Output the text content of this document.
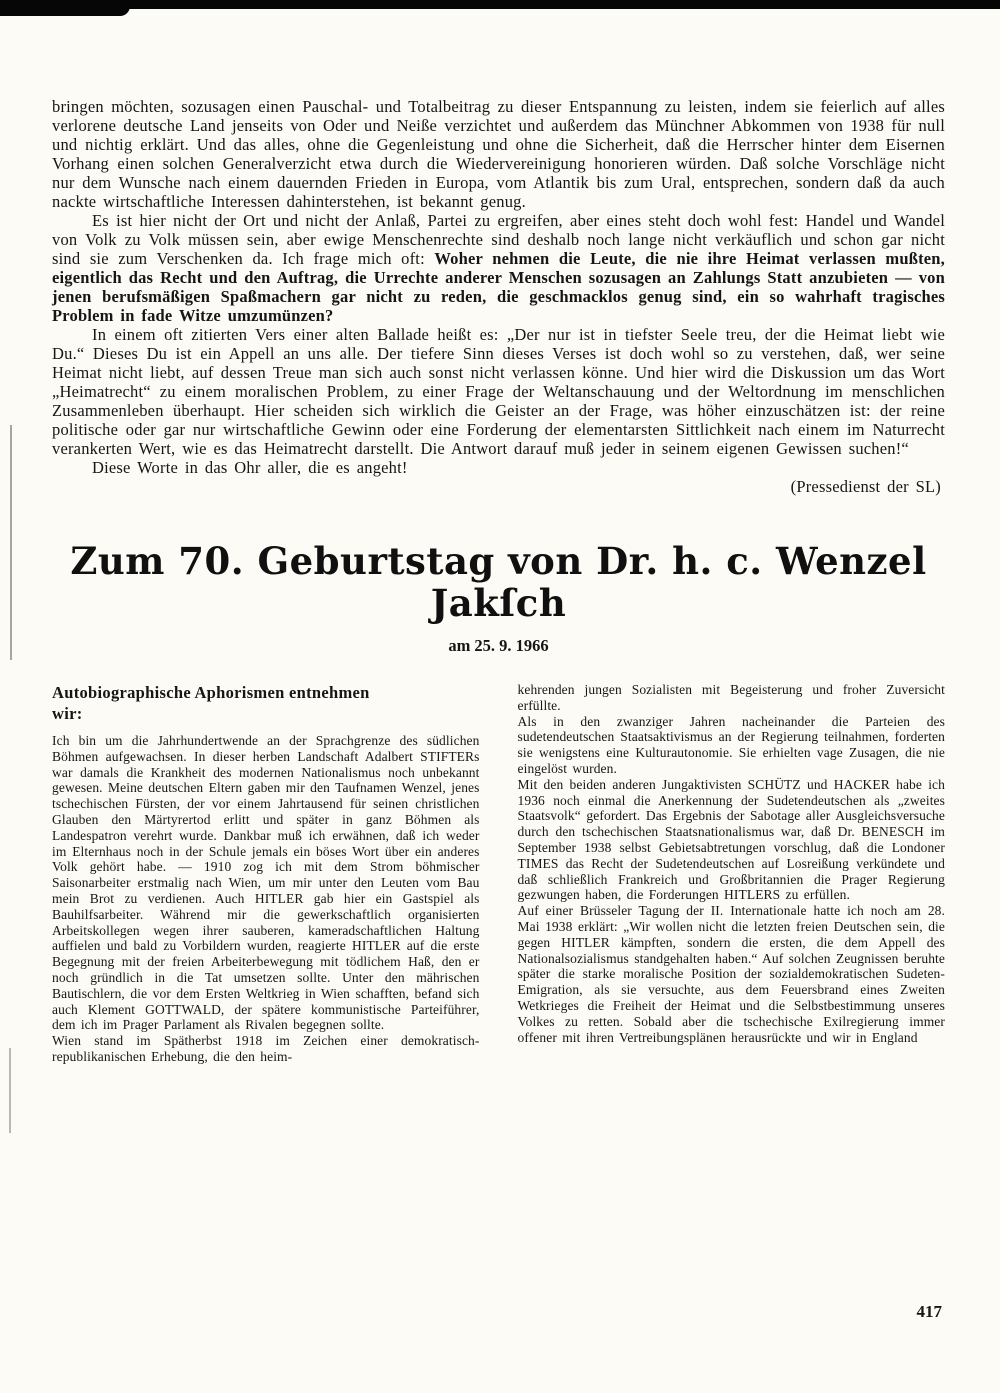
bringen möchten, sozusagen einen Pauschal- und Totalbeitrag zu dieser Entspannung zu leisten, indem sie feierlich auf alles verlorene deutsche Land jenseits von Oder und Neiße verzichtet und außerdem das Münchner Abkommen von 1938 für null und nichtig erklärt. Und das alles, ohne die Gegenleistung und ohne die Sicherheit, daß die Herrscher hinter dem Eisernen Vorhang einen solchen Generalverzicht etwa durch die Wiedervereinigung honorieren würden. Daß solche Vorschläge nicht nur dem Wunsche nach einem dauernden Frieden in Europa, vom Atlantik bis zum Ural, entsprechen, sondern daß da auch nackte wirtschaftliche Interessen dahinterstehen, ist bekannt genug.

Es ist hier nicht der Ort und nicht der Anlaß, Partei zu ergreifen, aber eines steht doch wohl fest: Handel und Wandel von Volk zu Volk müssen sein, aber ewige Menschenrechte sind deshalb noch lange nicht verkäuflich und schon gar nicht sind sie zum Verschenken da. Ich frage mich oft: Woher nehmen die Leute, die nie ihre Heimat verlassen mußten, eigentlich das Recht und den Auftrag, die Urrechte anderer Menschen sozusagen an Zahlungs Statt anzubieten — von jenen berufsmäßigen Spaßmachern gar nicht zu reden, die geschmacklos genug sind, ein so wahrhaft tragisches Problem in fade Witze umzumünzen?

In einem oft zitierten Vers einer alten Ballade heißt es: „Der nur ist in tiefster Seele treu, der die Heimat liebt wie Du.“ Dieses Du ist ein Appell an uns alle. Der tiefere Sinn dieses Verses ist doch wohl so zu verstehen, daß, wer seine Heimat nicht liebt, auf dessen Treue man sich auch sonst nicht verlassen könne. Und hier wird die Diskussion um das Wort „Heimatrecht“ zu einem moralischen Problem, zu einer Frage der Weltanschauung und der Weltordnung im menschlichen Zusammenleben überhaupt. Hier scheiden sich wirklich die Geister an der Frage, was höher einzuschätzen ist: der reine politische oder gar nur wirtschaftliche Gewinn oder eine Forderung der elementarsten Sittlichkeit nach einem im Naturrecht verankerten Wert, wie es das Heimatrecht darstellt. Die Antwort darauf muß jeder in seinem eigenen Gewissen suchen!“

Diese Worte in das Ohr aller, die es angeht!

(Pressedienst der SL)

Zum 70. Geburtstag von Dr. h. c. Wenzel Jakſch
am 25. 9. 1966
Autobiographische Aphorismen entnehmen wir:

Ich bin um die Jahrhundertwende an der Sprachgrenze des südlichen Böhmen aufgewachsen. In dieser herben Landschaft Adalbert STIFTERs war damals die Krankheit des modernen Nationalismus noch unbekannt gewesen. Meine deutschen Eltern gaben mir den Taufnamen Wenzel, jenes tschechischen Fürsten, der vor einem Jahrtausend für seinen christlichen Glauben den Märtyrertod erlitt und später in ganz Böhmen als Landespatron verehrt wurde. Dankbar muß ich erwähnen, daß ich weder im Elternhaus noch in der Schule jemals ein böses Wort über ein anderes Volk gehört habe. — 1910 zog ich mit dem Strom böhmischer Saisonarbeiter erstmalig nach Wien, um mir unter den Leuten vom Bau mein Brot zu verdienen. Auch HITLER gab hier ein Gastspiel als Bauhilfsarbeiter. Während mir die gewerkschaftlich organisierten Arbeitskollegen wegen ihrer sauberen, kameradschaftlichen Haltung auffielen und bald zu Vorbildern wurden, reagierte HITLER auf die erste Begegnung mit der freien Arbeiterbewegung mit tödlichem Haß, den er noch gründlich in die Tat umsetzen sollte. Unter den mährischen Bautischlern, die vor dem Ersten Weltkrieg in Wien schafften, befand sich auch Klement GOTTWALD, der spätere kommunistische Parteiführer, dem ich im Prager Parlament als Rivalen begegnen sollte.

Wien stand im Spätherbst 1918 im Zeichen einer demokratisch-republikanischen Erhebung, die den heim-

kehrenden jungen Sozialisten mit Begeisterung und froher Zuversicht erfüllte.

Als in den zwanziger Jahren nacheinander die Parteien des sudetendeutschen Staatsaktivismus an der Regierung teilnahmen, forderten sie wenigstens eine Kulturautonomie. Sie erhielten vage Zusagen, die nie eingelöst wurden.

Mit den beiden anderen Jungaktivisten SCHÜTZ und HACKER habe ich 1936 noch einmal die Anerkennung der Sudetendeutschen als „zweites Staatsvolk“ gefordert. Das Ergebnis der Sabotage aller Ausgleichsversuche durch den tschechischen Staatsnationalismus war, daß Dr. BENESCH im September 1938 selbst Gebietsabtretungen vorschlug, daß die Londoner TIMES das Recht der Sudetendeutschen auf Losreißung verkündete und daß schließlich Frankreich und Großbritannien die Prager Regierung gezwungen haben, die Forderungen HITLERS zu erfüllen.

Auf einer Brüsseler Tagung der II. Internationale hatte ich noch am 28. Mai 1938 erklärt: „Wir wollen nicht die letzten freien Deutschen sein, die gegen HITLER kämpften, sondern die ersten, die dem Appell des Nationalsozialismus standgehalten haben.“ Auf solchen Zeugnissen beruhte später die starke moralische Position der sozialdemokratischen Sudeten-Emigration, als sie versuchte, aus dem Feuersbrand eines Zweiten Wetkrieges die Freiheit der Heimat und die Selbstbestimmung unseres Volkes zu retten. Sobald aber die tschechische Exilregierung immer offener mit ihren Vertreibungsplänen herausrückte und wir in England

417
